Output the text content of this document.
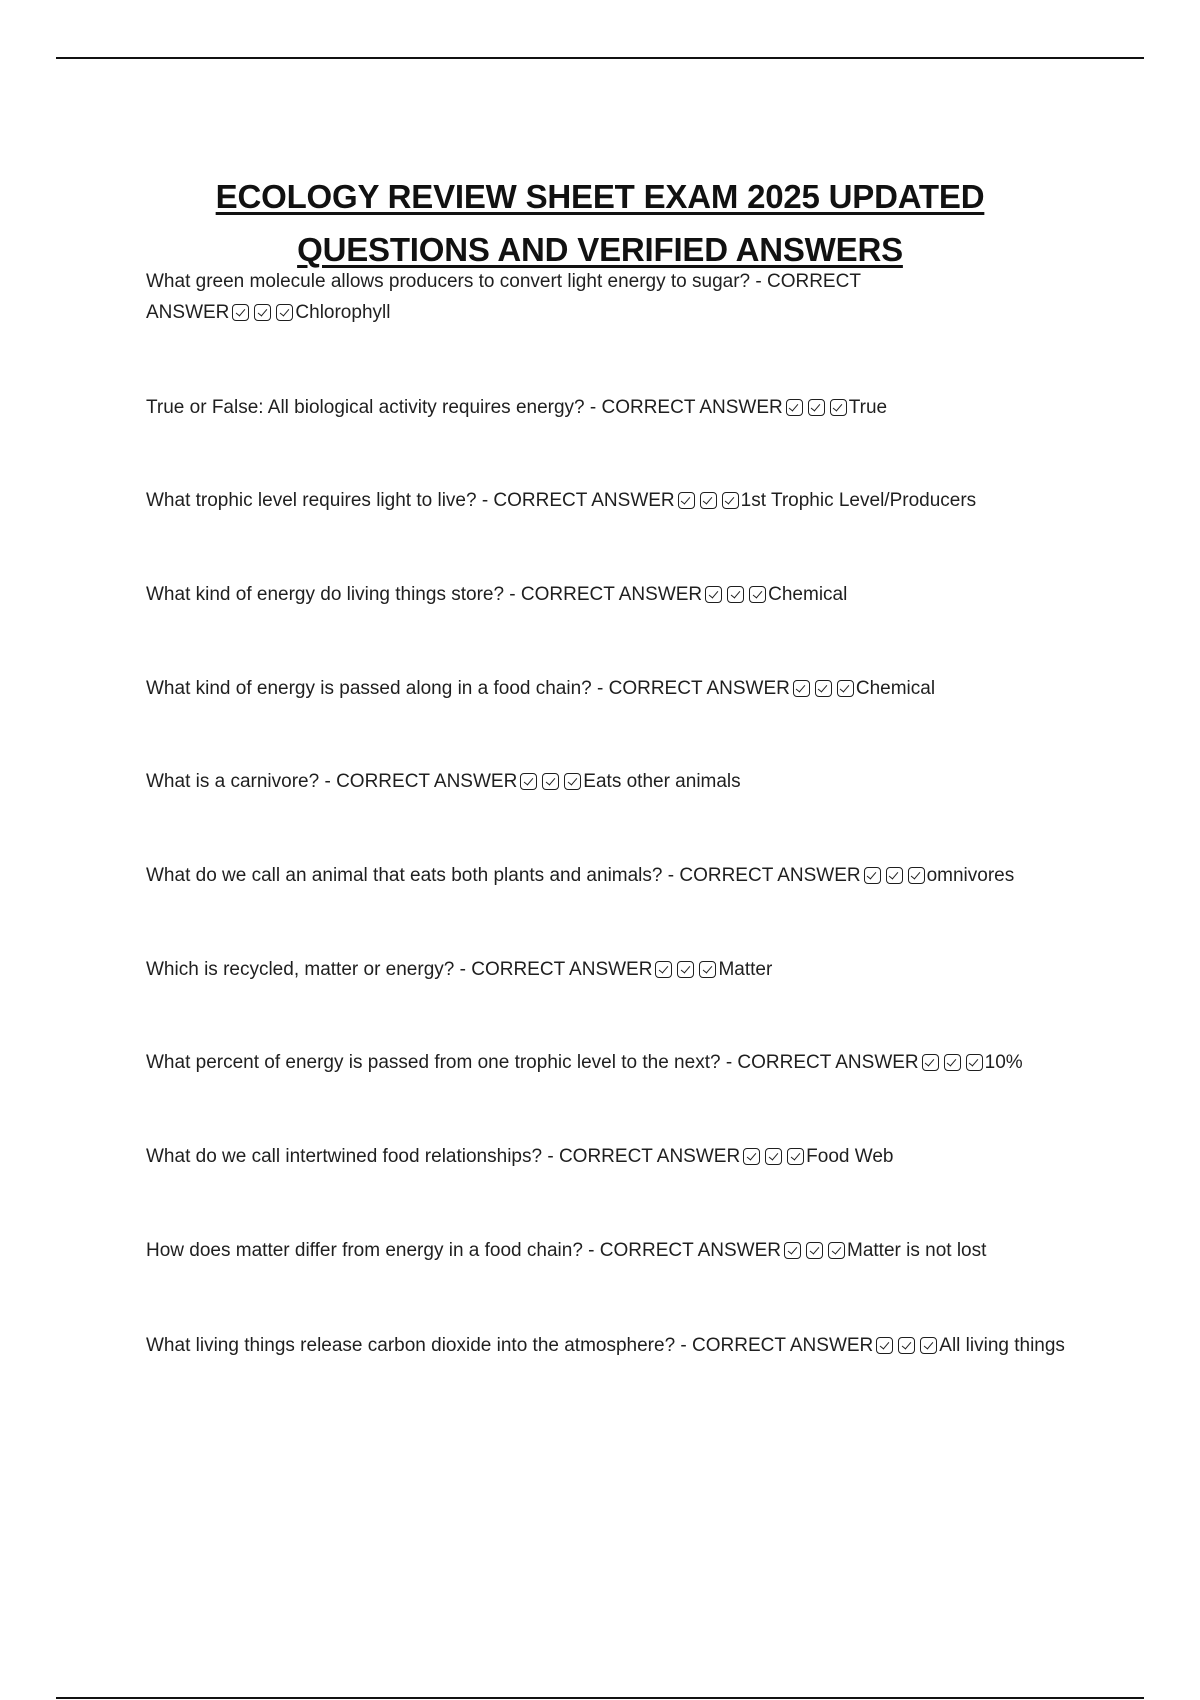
ECOLOGY REVIEW SHEET EXAM 2025 UPDATED
QUESTIONS AND VERIFIED ANSWERS
What green molecule allows producers to convert light energy to sugar? - CORRECT ANSWER	Chlorophyll
True or False: All biological activity requires energy? - CORRECT ANSWER	True
What trophic level requires light to live? - CORRECT ANSWER	1st Trophic Level/Producers
What kind of energy do living things store? - CORRECT ANSWER	Chemical
What kind of energy is passed along in a food chain? - CORRECT ANSWER	Chemical
What is a carnivore? - CORRECT ANSWER	Eats other animals
What do we call an animal that eats both plants and animals? - CORRECT ANSWER	omnivores
Which is recycled, matter or energy? - CORRECT ANSWER	Matter
What percent of energy is passed from one trophic level to the next? - CORRECT ANSWER	10%
What do we call intertwined food relationships? - CORRECT ANSWER	Food Web
How does matter differ from energy in a food chain? - CORRECT ANSWER	Matter is not lost
What living things release carbon dioxide into the atmosphere? - CORRECT ANSWER	All living things
